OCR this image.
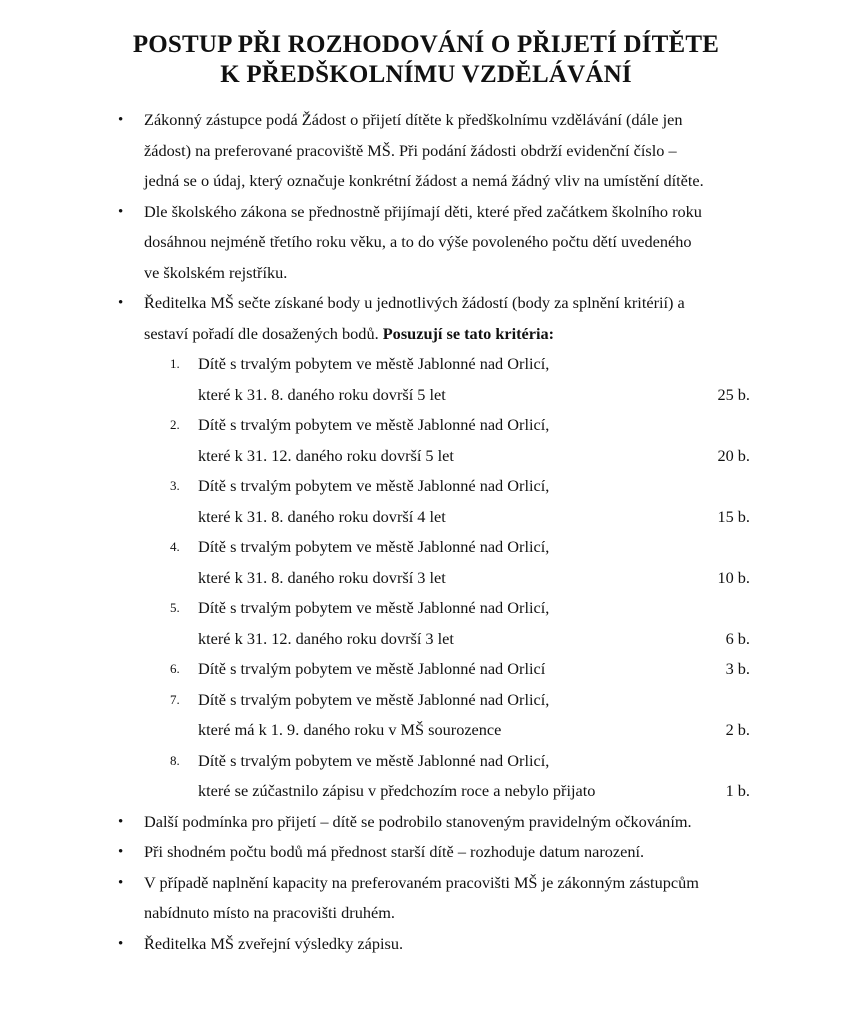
POSTUP PŘI ROZHODOVÁNÍ O PŘIJETÍ DÍTĚTE
K PŘEDŠKOLNÍMU VZDĚLÁVÁNÍ
• Zákonný zástupce podá Žádost o přijetí dítěte k předškolnímu vzdělávání (dále jen
žádost) na preferované pracoviště MŠ. Při podání žádosti obdrží evidenční číslo –
jedná se o údaj, který označuje konkrétní žádost a nemá žádný vliv na umístění dítěte.
• Dle školského zákona se přednostně přijímají děti, které před začátkem školního roku
dosáhnou nejméně třetího roku věku, a to do výše povoleného počtu dětí uvedeného
ve školském rejstříku.
• Ředitelka MŠ sečte získané body u jednotlivých žádostí (body za splnění kritérií) a
sestaví pořadí dle dosažených bodů. Posuzují se tato kritéria:
1.	Dítě s trvalým pobytem ve městě Jablonné nad Orlicí,
které k 31. 8. daného roku dovrší 5 let	25 b.
2.	Dítě s trvalým pobytem ve městě Jablonné nad Orlicí,
které k 31. 12. daného roku dovrší 5 let	20 b.
3.	Dítě s trvalým pobytem ve městě Jablonné nad Orlicí,
které k 31. 8. daného roku dovrší 4 let	15 b.
4.	Dítě s trvalým pobytem ve městě Jablonné nad Orlicí,
které k 31. 8. daného roku dovrší 3 let	10 b.
5.	Dítě s trvalým pobytem ve městě Jablonné nad Orlicí,
které k 31. 12. daného roku dovrší 3 let	6 b.
6.	Dítě s trvalým pobytem ve městě Jablonné nad Orlicí	3 b.
7.	Dítě s trvalým pobytem ve městě Jablonné nad Orlicí,
které má k 1. 9. daného roku v MŠ sourozence	2 b.
8.	Dítě s trvalým pobytem ve městě Jablonné nad Orlicí,
které se zúčastnilo zápisu v předchozím roce a nebylo přijato	1 b.
• Další podmínka pro přijetí – dítě se podrobilo stanoveným pravidelným očkováním.
• Při shodném počtu bodů má přednost starší dítě – rozhoduje datum narození.
• V případě naplnění kapacity na preferovaném pracovišti MŠ je zákonným zástupcům
nabídnuto místo na pracovišti druhém.
• Ředitelka MŠ zveřejní výsledky zápisu.
